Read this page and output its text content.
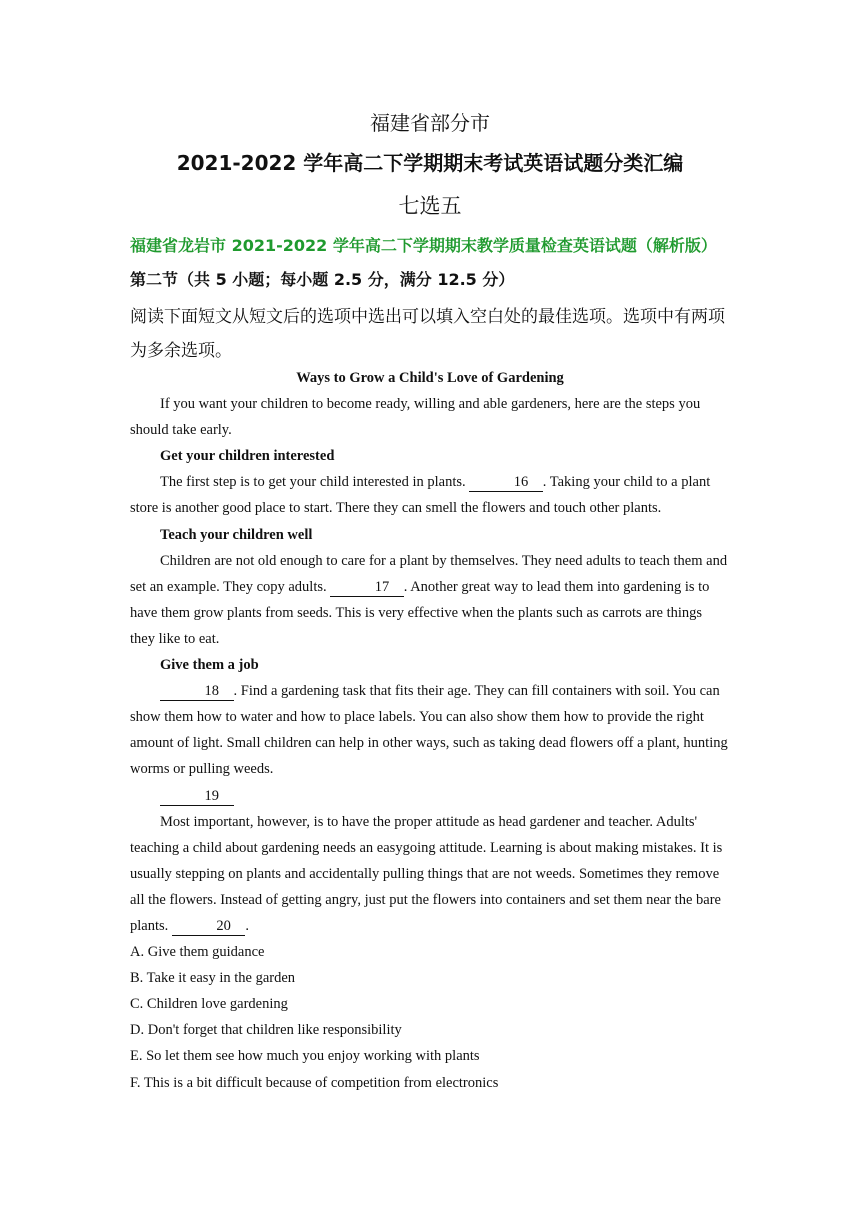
福建省部分市
2021-2022 学年高二下学期期末考试英语试题分类汇编
七选五
福建省龙岩市 2021-2022 学年高二下学期期末教学质量检查英语试题（解析版）
第二节（共 5 小题；每小题 2.5 分，满分 12.5 分）
阅读下面短文从短文后的选项中选出可以填入空白处的最佳选项。选项中有两项为多余选项。

Ways to Grow a Child's Love of Gardening

If you want your children to become ready, willing and able gardeners, here are the steps you should take early.

Get your children interested

The first step is to get your child interested in plants.	16 . Taking your child to a plant store is another good place to start. There they can smell the flowers and touch other plants.

Teach your children well

Children are not old enough to care for a plant by themselves. They need adults to teach them and set an example. They copy adults.	17 . Another great way to lead them into gardening is to have them grow plants from seeds. This is very effective when the plants such as carrots are things they like to eat.

Give them a job

18 . Find a gardening task that fits their age. They can fill containers with soil. You can show them how to water and how to place labels. You can also show them how to provide the right amount of light. Small children can help in other ways, such as taking dead flowers off a plant, hunting worms or pulling weeds.

19

Most important, however, is to have the proper attitude as head gardener and teacher. Adults' teaching a child about gardening needs an easygoing attitude. Learning is about making mistakes. It is usually stepping on plants and accidentally pulling things that are not weeds. Sometimes they remove all the flowers. Instead of getting angry, just put the flowers into containers and set them near the bare plants.	20 .

A. Give them guidance

B. Take it easy in the garden

C. Children love gardening

D. Don't forget that children like responsibility

E. So let them see how much you enjoy working with plants

F. This is a bit difficult because of competition from electronics
